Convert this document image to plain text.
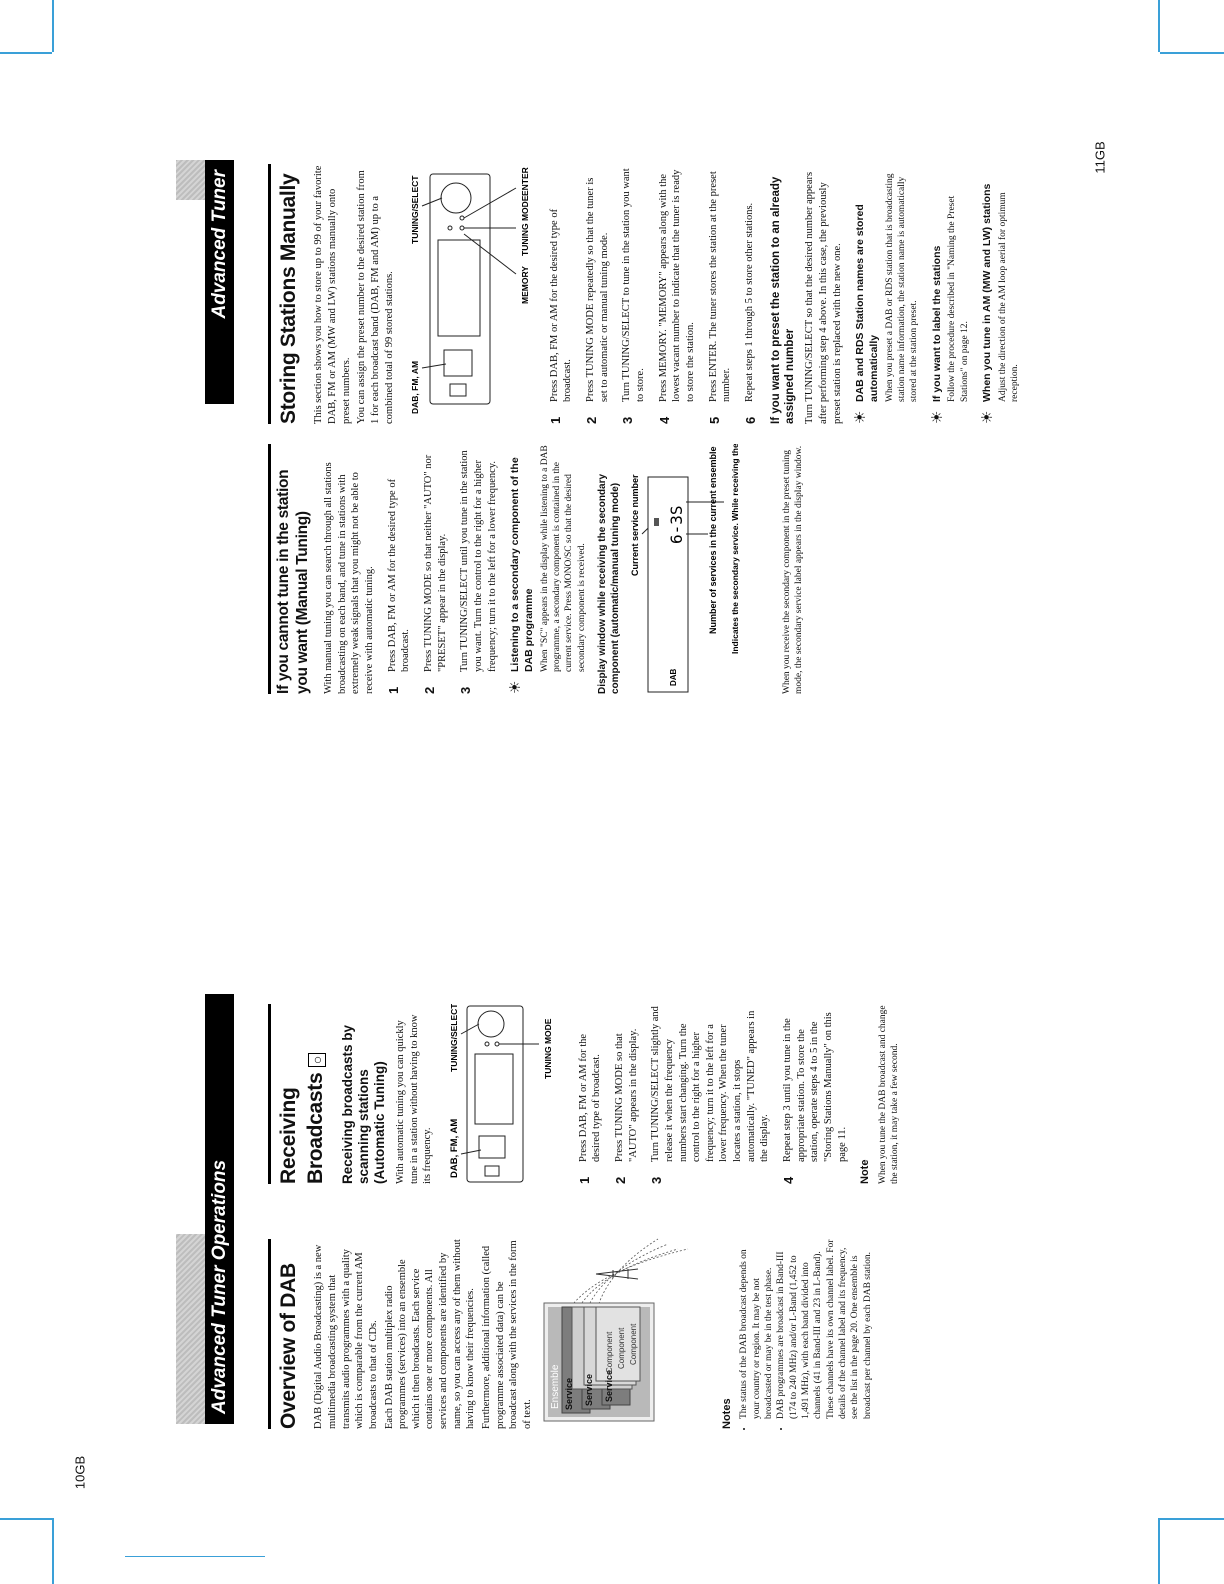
10GB
11GB
Advanced Tuner Operations
Advanced Tuner Operations
Overview of DAB DAB (Digital Audio Broadcasting) is a new multimedia broadcasting system that transmits audio programmes with a quality which is comparable from the current AM broadcasts to that of CDs. Each DAB station multiplex radio programmes (services) into an ensemble which it then broadcasts. Each service contains one or more components. All services and components are identified by name, so you can access any of them without having to know their frequencies. Furthermore, additional information (called programme associated data) can be broadcast along with the services in the form of text.

Ensemble Service Service Service
Component Component Component
Notes • The status of the DAB broadcast depends on your country or region. It may be not broadcasted or may be in the test phase. • DAB programmes are broadcast in Band-III (174 to 240 MHz) and/or L-Band (1,452 to 1,491 MHz), with each band divided into channels (41 in Band-III and 23 in L-Band). These channels have its own channel label. For details of the channel label and its frequency, see the list in the page 20. One ensemble is broadcast per channel by each DAB station.
Receiving Broadcasts ○	Receiving broadcasts by scanning stations (Automatic Tuning) With automatic tuning you can quickly tune in a station without having to know its frequency. DAB, FM, AM
TUNING/SELECT	TUNING MODE
1
Press DAB, FM or AM for the desired type of broadcast.
2
Press TUNING MODE so that "AUTO" appears in the display.
3
Turn TUNING/SELECT slightly and release it when the frequency numbers start changing. Turn the control to the right for a higher frequency; turn it to the left for a lower frequency. When the tuner locates a station, it stops automatically. "TUNED" appears in the display.
4
Repeat step 3 until you tune in the appropriate station. To store the station, operate steps 4 to 5 in the "Storing Stations Manually" on this page 11.
Note When you tune the DAB broadcast and change the station, it may take a few second.

If you cannot tune in the station you want (Manual Tuning) With manual tuning you can search through all stations broadcasting on each band, and tune in stations with extremely weak signals that you might not be able to receive with automatic tuning. 1
Press DAB, FM or AM for the desired type of broadcast.
2
Press TUNING MODE so that neither "AUTO" nor "PRESET" appear in the display.
3
Turn TUNING/SELECT until you tune in the station you want. Turn the control to the right for a higher frequency; turn it to the left for a lower frequency.
☀
Listening to a secondary component of the DAB programme When "SC" appears in the display while listening to a DAB programme, a secondary component is contained in the current service. Press MONO/SC so that the desired secondary component is received. Display window while receiving the secondary component (automatic/manual tuning mode) Current service number
DAB
6-3S Number of services in the current ensemble Indicates the secondary service. While receiving the primary service, "P" appears.	When you receive the secondary component in the preset tuning mode, the secondary service label appears in the display window.

Storing Stations Manually This section shows you how to store up to 99 of your favorite DAB, FM or AM (MW and LW) stations manually onto preset numbers. You can assign the preset number to the desired station from 1 for each broadcast band (DAB, FM and AM) up to a combined total of 99 stored stations. DAB, FM, AM
TUNING/SELECT
MEMORY
TUNING MODE
ENTER
1
Press DAB, FM or AM for the desired type of broadcast.
2
Press TUNING MODE repeatedly so that the tuner is set to automatic or manual tuning mode.
3
Turn TUNING/SELECT to tune in the station you want to store.
4
Press MEMORY. "MEMORY" appears along with the lowest vacant number to indicate that the tuner is ready to store the station.
5
Press ENTER. The tuner stores the station at the preset number.
6
Repeat steps 1 through 5 to store other stations.	If you want to preset the station to an already assigned number Turn TUNING/SELECT so that the desired number appears after performing step 4 above. In this case, the previously preset station is replaced with the new one. ☀
DAB and RDS Station names are stored automatically When you preset a DAB or RDS station that is broadcasting station name information, the station name is automatically stored at the station preset.
☀
If you want to label the stations Follow the procedure described in "Naming the Preset Stations" on page 12.
☀
When you tune in AM (MW and LW) stations Adjust the direction of the AM loop aerial for optimum reception.
